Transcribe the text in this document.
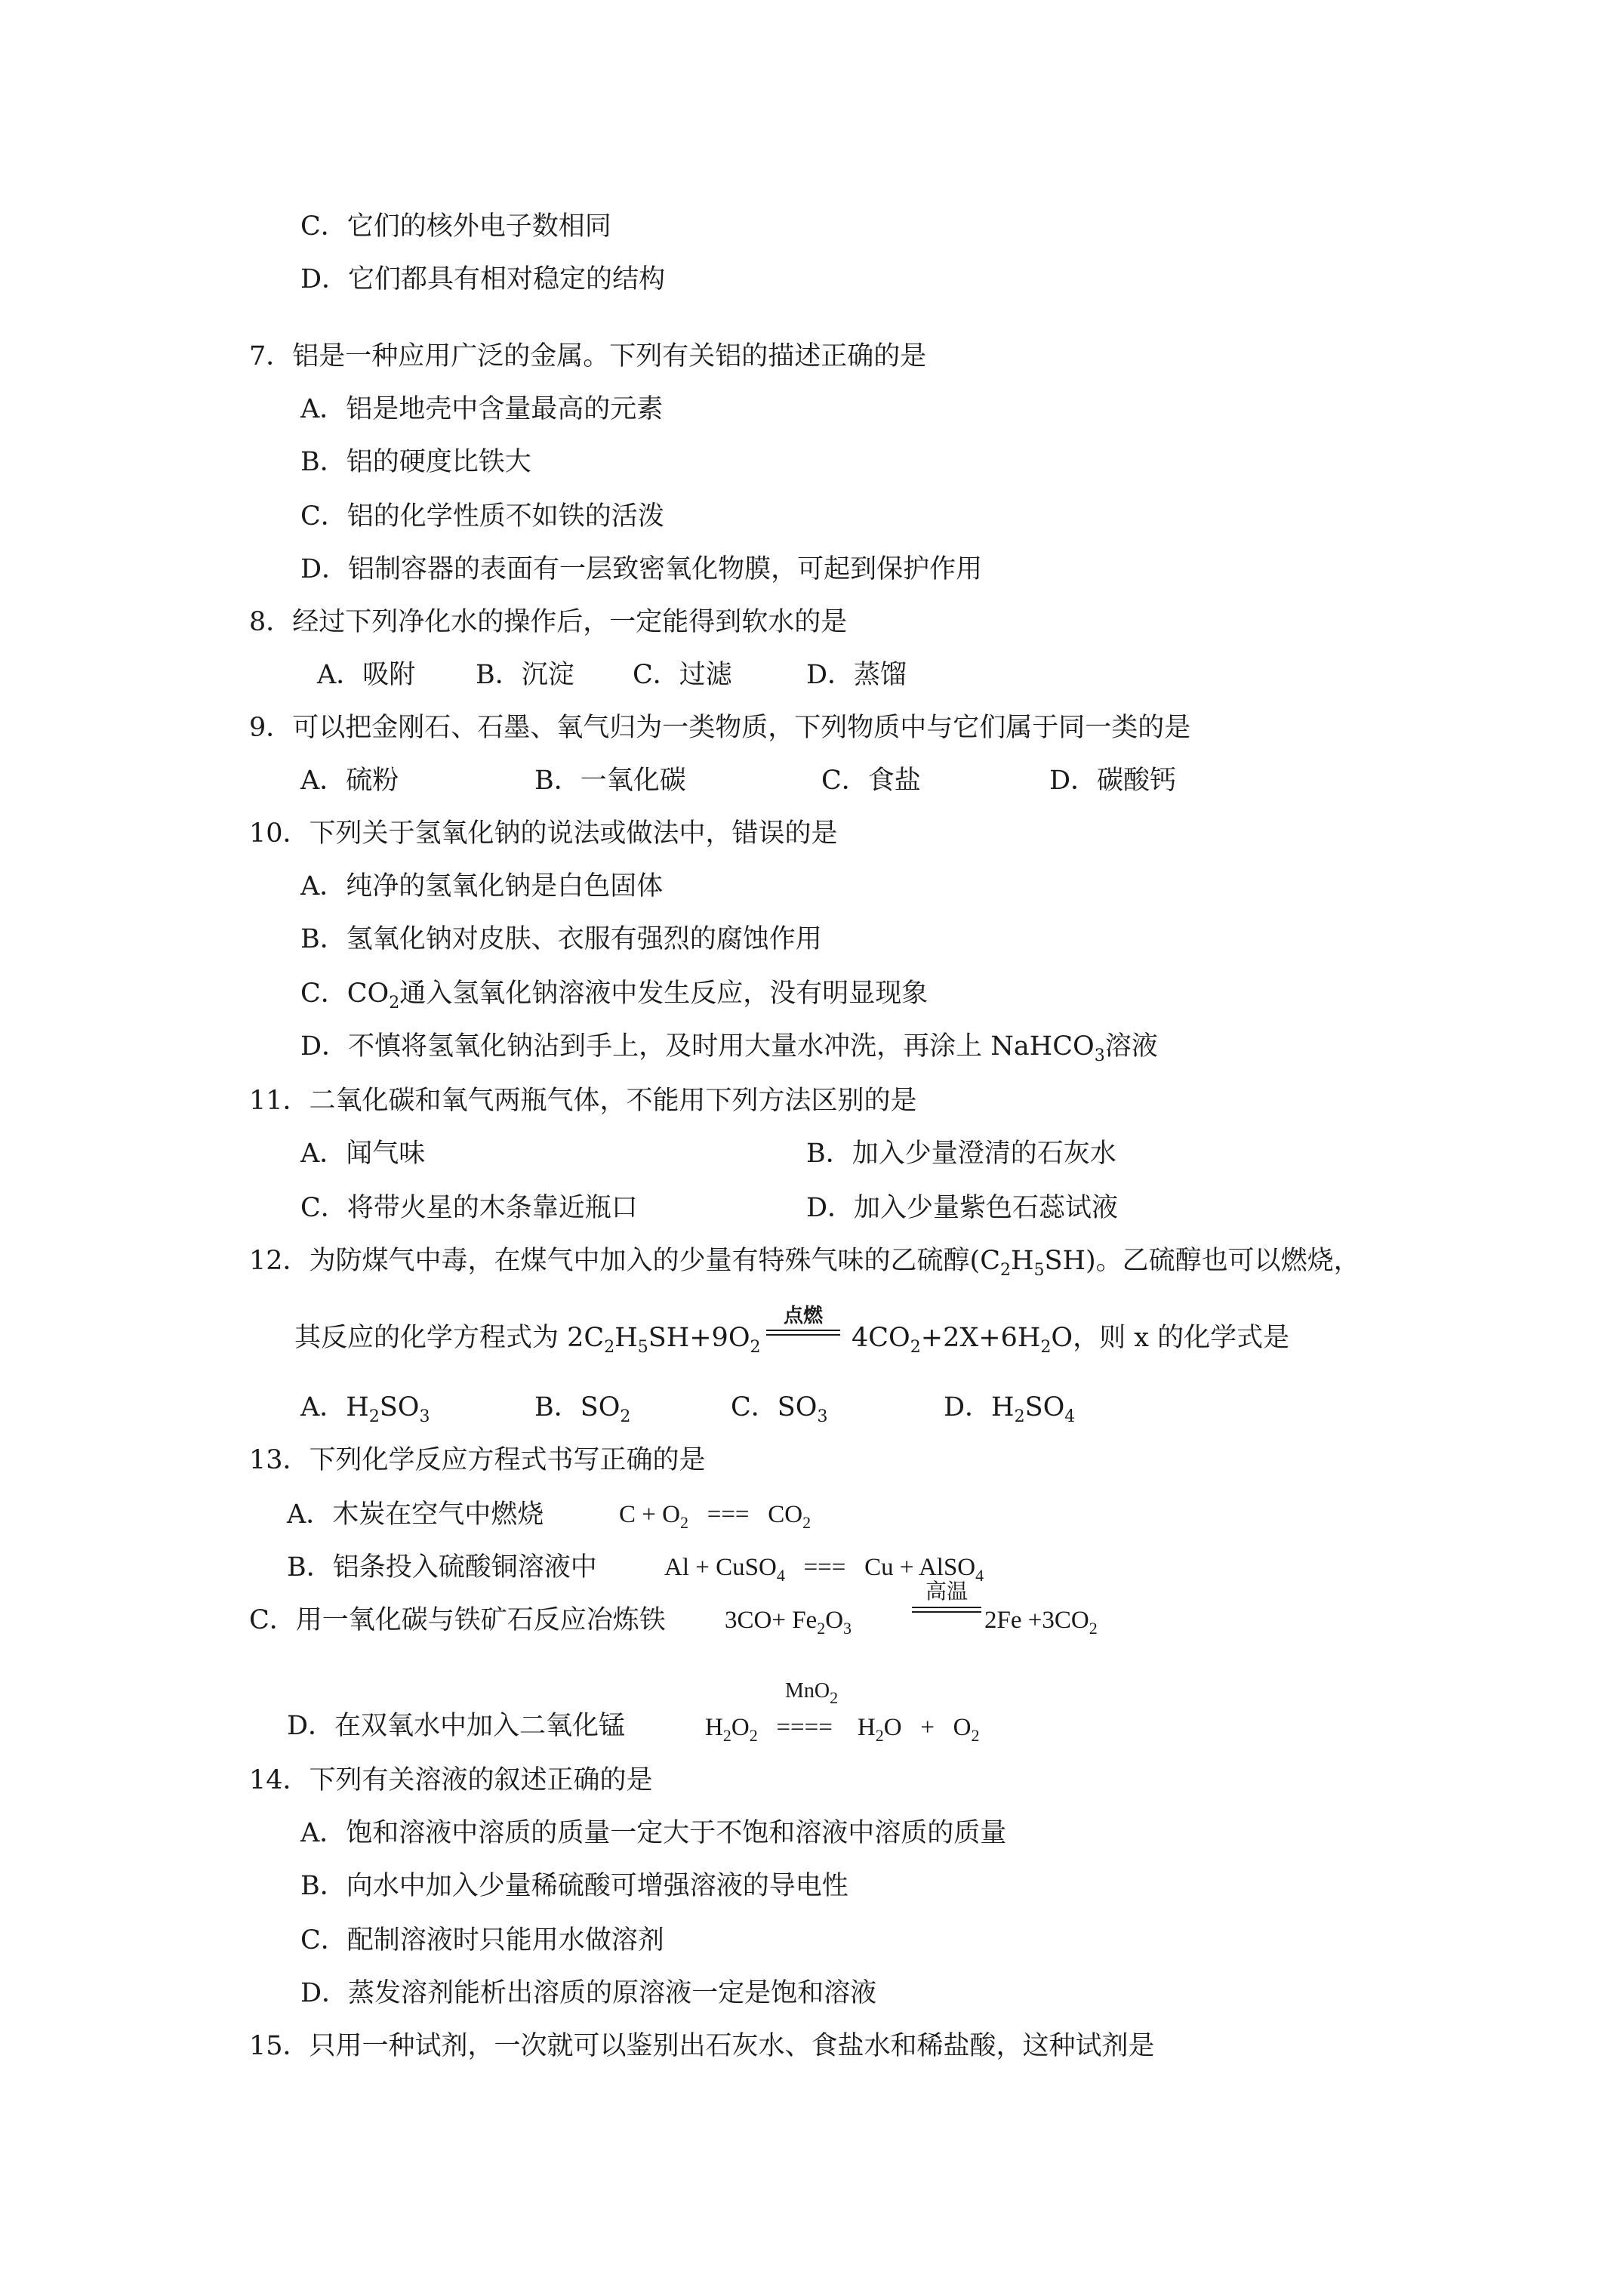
C．它们的核外电子数相同
D．它们都具有相对稳定的结构
7．铝是一种应用广泛的金属。下列有关铝的描述正确的是
A．铝是地壳中含量最高的元素
B．铝的硬度比铁大
C．铝的化学性质不如铁的活泼
D．铝制容器的表面有一层致密氧化物膜，可起到保护作用
8．经过下列净化水的操作后，一定能得到软水的是
A．吸附 B．沉淀 C．过滤	D．蒸馏
9．可以把金刚石、石墨、氧气归为一类物质，下列物质中与它们属于同一类的是
A．硫粉	B．一氧化碳	C．食盐	D．碳酸钙
10．下列关于氢氧化钠的说法或做法中，错误的是
A．纯净的氢氧化钠是白色固体
B．氢氧化钠对皮肤、衣服有强烈的腐蚀作用
C．$CO_2$通入氢氧化钠溶液中发生反应，没有明显现象
D．不慎将氢氧化钠沾到手上，及时用大量水冲洗，再涂上 NaHCO$_3$溶液
11．二氧化碳和氧气两瓶气体，不能用下列方法区别的是
A．闻气味	B．加入少量澄清的石灰水
C．将带火星的木条靠近瓶口	D．加入少量紫色石蕊试液
12．为防煤气中毒，在煤气中加入的少量有特殊气味的乙硫醇$(C_2H_5SH)$。乙硫醇也可以燃烧，
其反应的化学方程式为 $2C_2H_5SH+9O_2$
点燃
$4CO_2+2X+6H_2O$，则 x 的化学式是
A．$H_2SO_3$	B．$SO_2$	C．$SO_3$	D．$H_2SO_4$
13．下列化学反应方程式书写正确的是
A．木炭在空气中燃烧	$C + O_2$ ===   $CO_2$
B．铝条投入硫酸铜溶液中	Al + CuSO$_4$ ===   Cu + AlSO$_4$
C．用一氧化碳与铁矿石反应冶炼铁 $3CO+ Fe_2O_3$
高温
$2Fe +3CO_2$
MnO$_2$
D．在双氧水中加入二氧化锰	$H_2O_2$ ==== $H_2O + O_2$
14．下列有关溶液的叙述正确的是
A．饱和溶液中溶质的质量一定大于不饱和溶液中溶质的质量
B．向水中加入少量稀硫酸可增强溶液的导电性
C．配制溶液时只能用水做溶剂
D．蒸发溶剂能析出溶质的原溶液一定是饱和溶液
15．只用一种试剂，一次就可以鉴别出石灰水、食盐水和稀盐酸，这种试剂是
